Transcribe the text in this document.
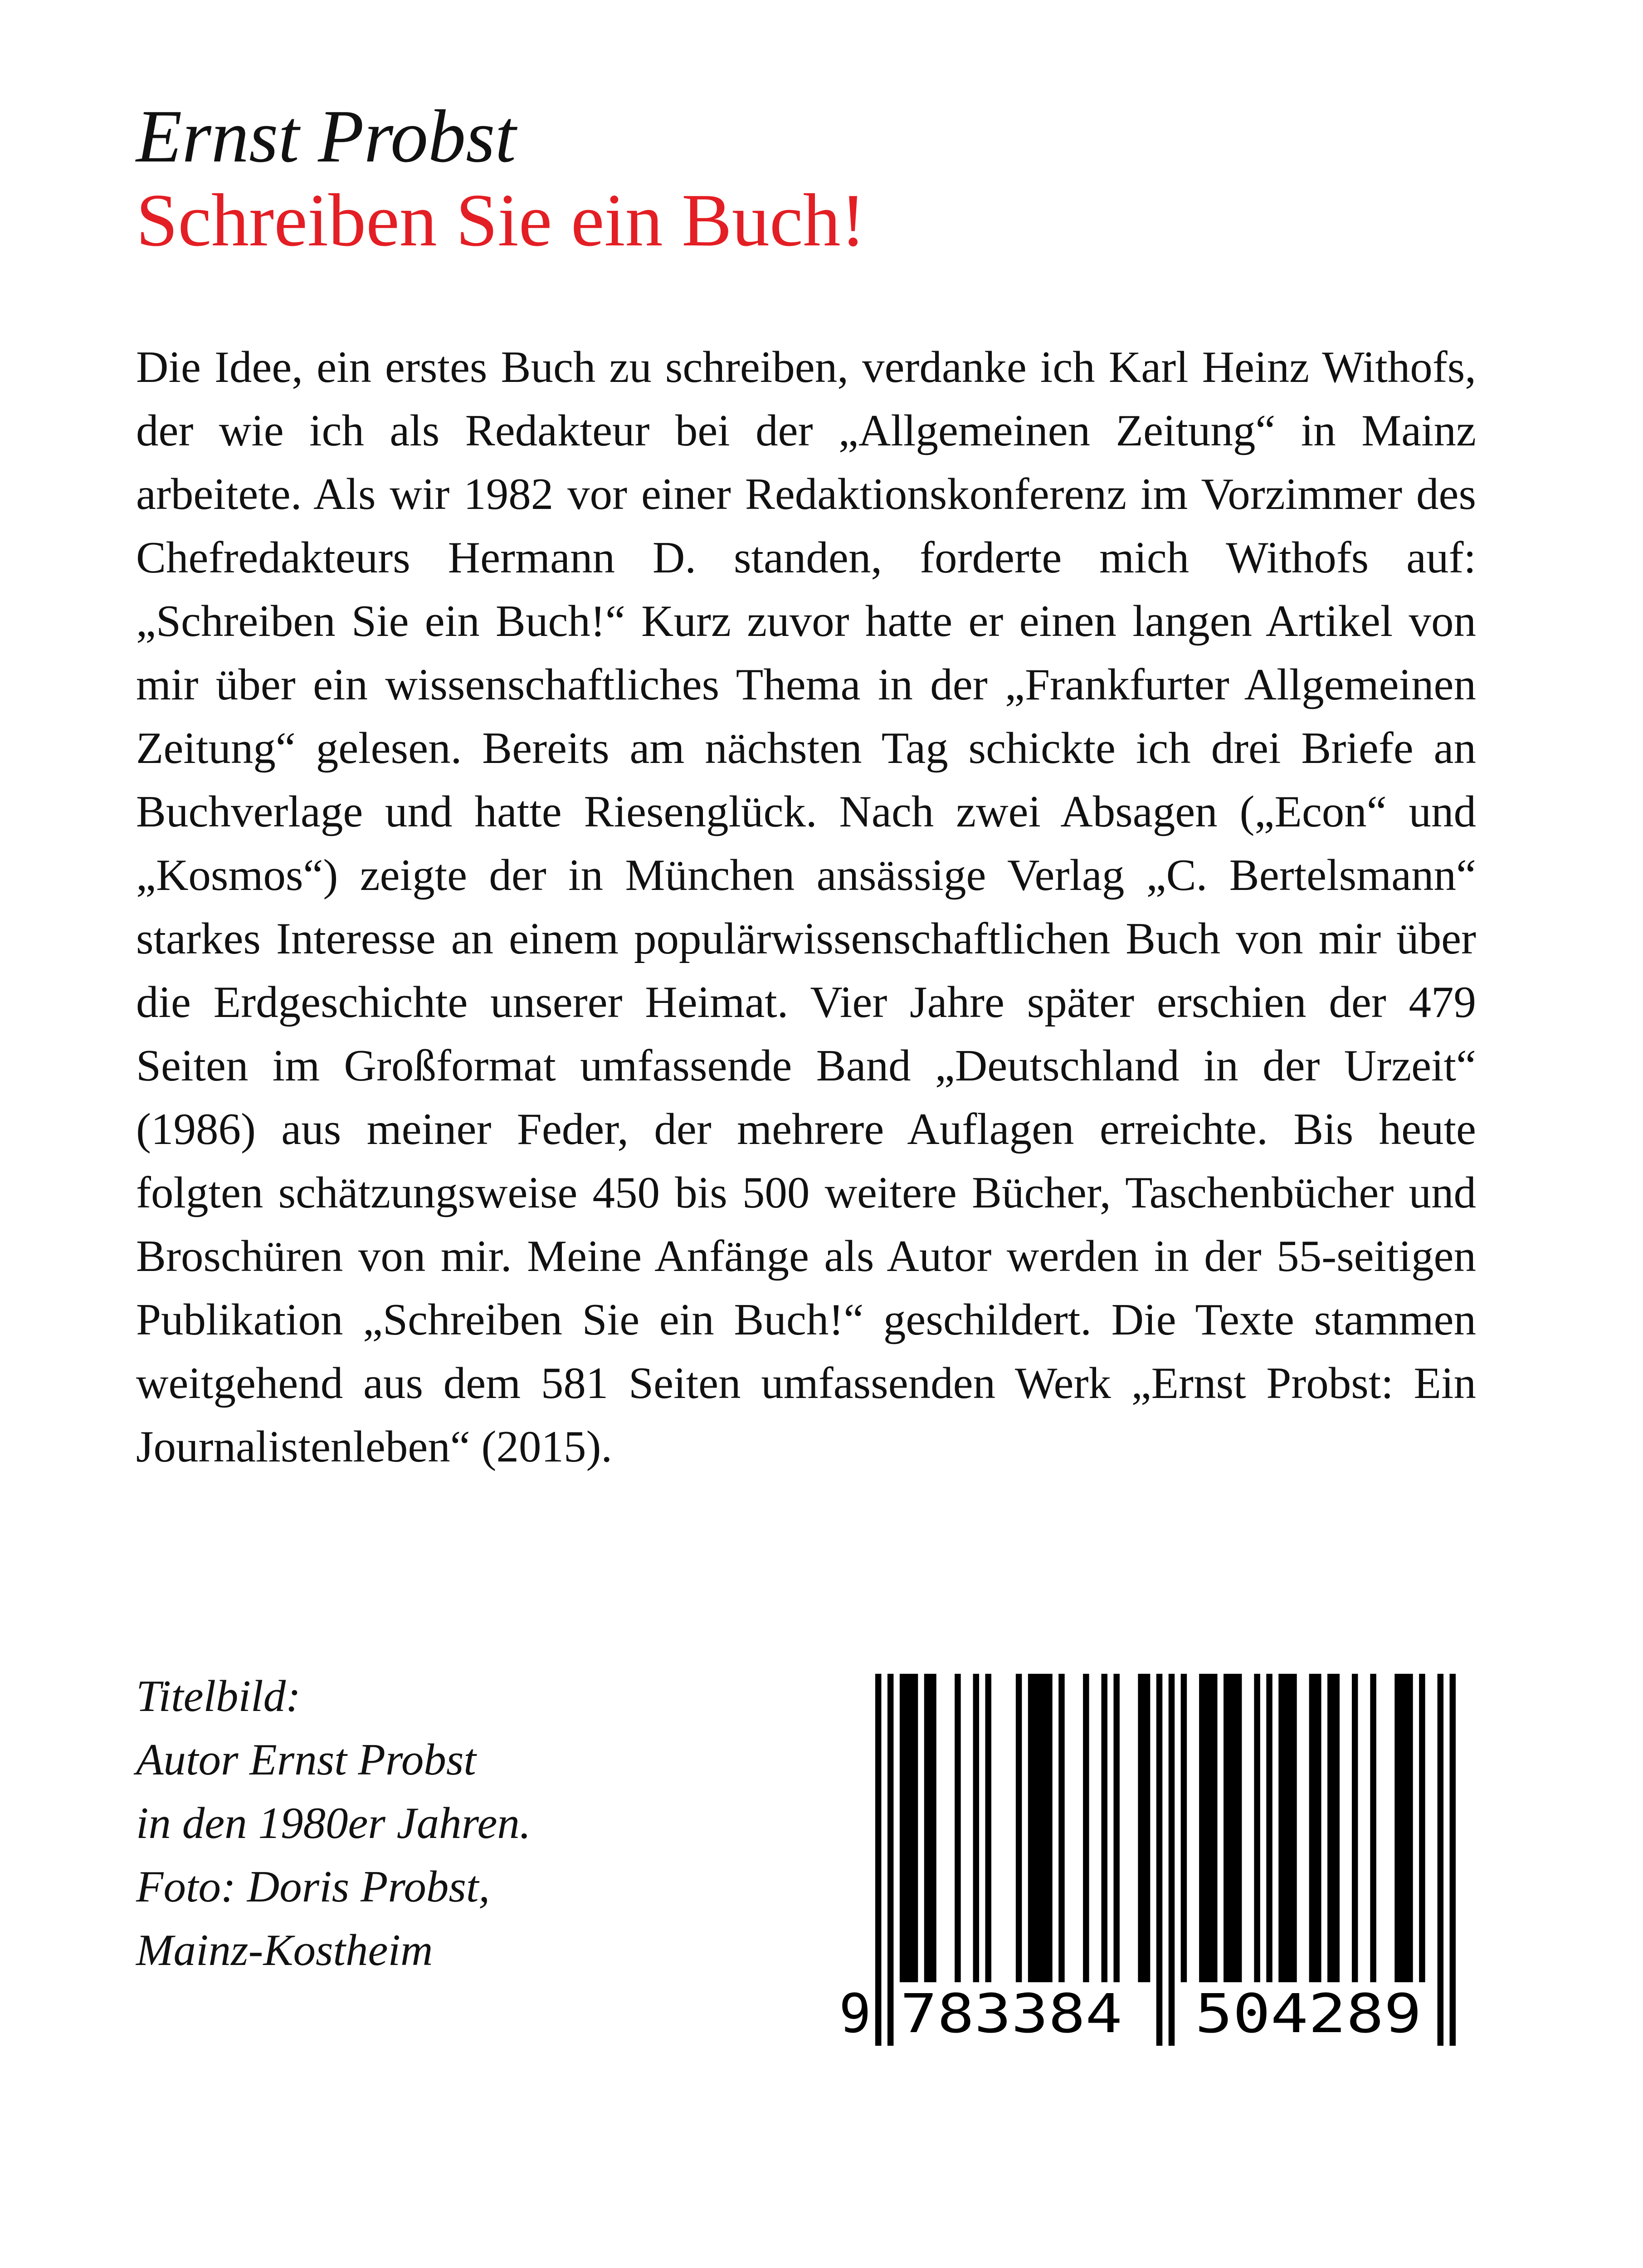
Ernst Probst
Schreiben Sie ein Buch!

Die Idee, ein erstes Buch zu schreiben, verdanke ich Karl Heinz Withofs, der wie ich als Redakteur bei der „Allgemeinen Zeitung“ in Mainz arbeitete. Als wir 1982 vor einer Redaktionskonferenz im Vorzimmer des Chefredakteurs Hermann D. standen, forderte mich Withofs auf: „Schreiben Sie ein Buch!“ Kurz zuvor hatte er einen langen Artikel von mir über ein wissenschaftliches Thema in der „Frankfurter Allgemeinen Zeitung“ gelesen. Bereits am nächsten Tag schickte ich drei Briefe an Buchverlage und hatte Riesenglück. Nach zwei Absagen („Econ“ und „Kosmos“) zeigte der in München ansässige Verlag „C. Bertelsmann“ starkes Interesse an einem populärwissenschaftlichen Buch von mir über die Erdgeschichte unserer Heimat. Vier Jahre später erschien der 479 Seiten im Großformat umfassende Band „Deutschland in der Urzeit“ (1986) aus meiner Feder, der mehrere Auflagen erreichte. Bis heute folgten schätzungsweise 450 bis 500 weitere Bücher, Taschenbücher und Broschüren von mir. Meine Anfänge als Autor werden in der 55-seitigen Publikation „Schreiben Sie ein Buch!“ geschildert. Die Texte stammen weitgehend aus dem 581 Seiten umfassenden Werk „Ernst Probst: Ein Journalistenleben“ (2015).

Titelbild:
Autor Ernst Probst
in den 1980er Jahren.
Foto: Doris Probst,
Mainz-Kostheim
9 783384 504289
